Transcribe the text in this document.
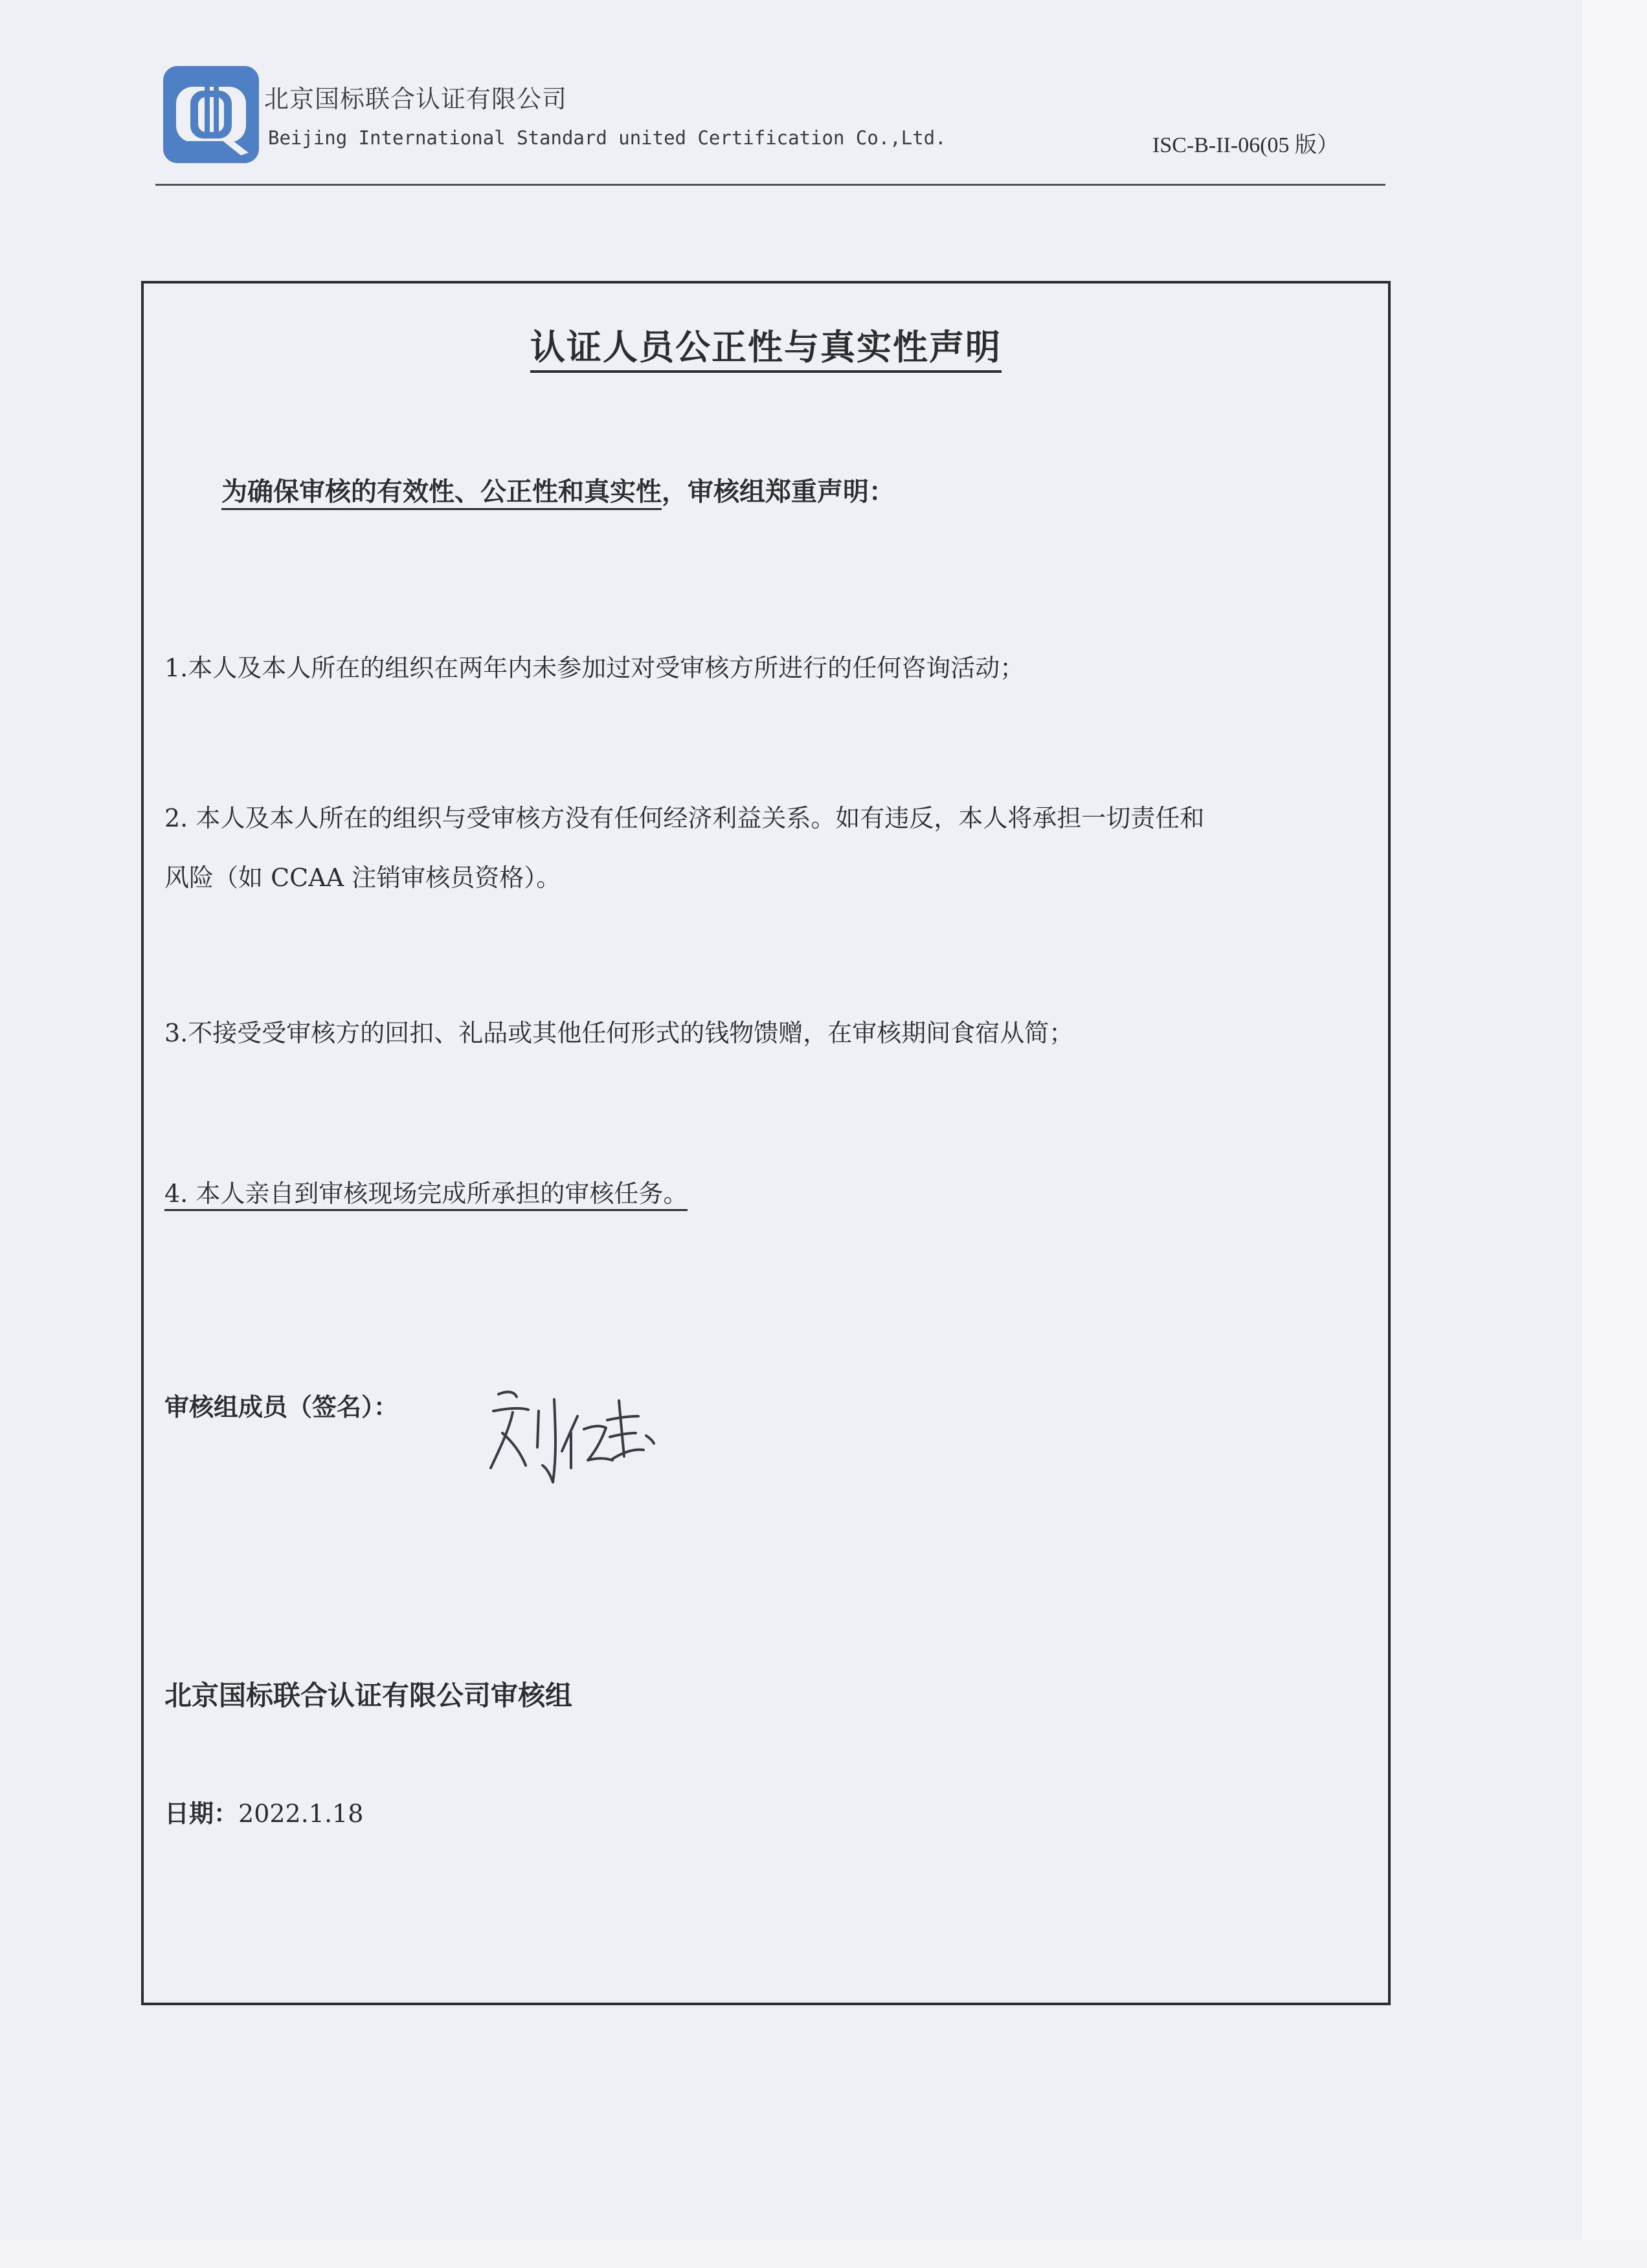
北京国标联合认证有限公司
Beijing International Standard united Certification Co.,Ltd.	ISC-B-II-06(05 版）
认证人员公正性与真实性声明
为确保审核的有效性、公正性和真实性，审核组郑重声明：
1.本人及本人所在的组织在两年内未参加过对受审核方所进行的任何咨询活动；
2. 本人及本人所在的组织与受审核方没有任何经济利益关系。如有违反，本人将承担一切责任和
风险（如 CCAA 注销审核员资格）。
3.不接受受审核方的回扣、礼品或其他任何形式的钱物馈赠，在审核期间食宿从简；
4. 本人亲自到审核现场完成所承担的审核任务。
审核组成员（签名）：
北京国标联合认证有限公司审核组
日期：2022.1.18
